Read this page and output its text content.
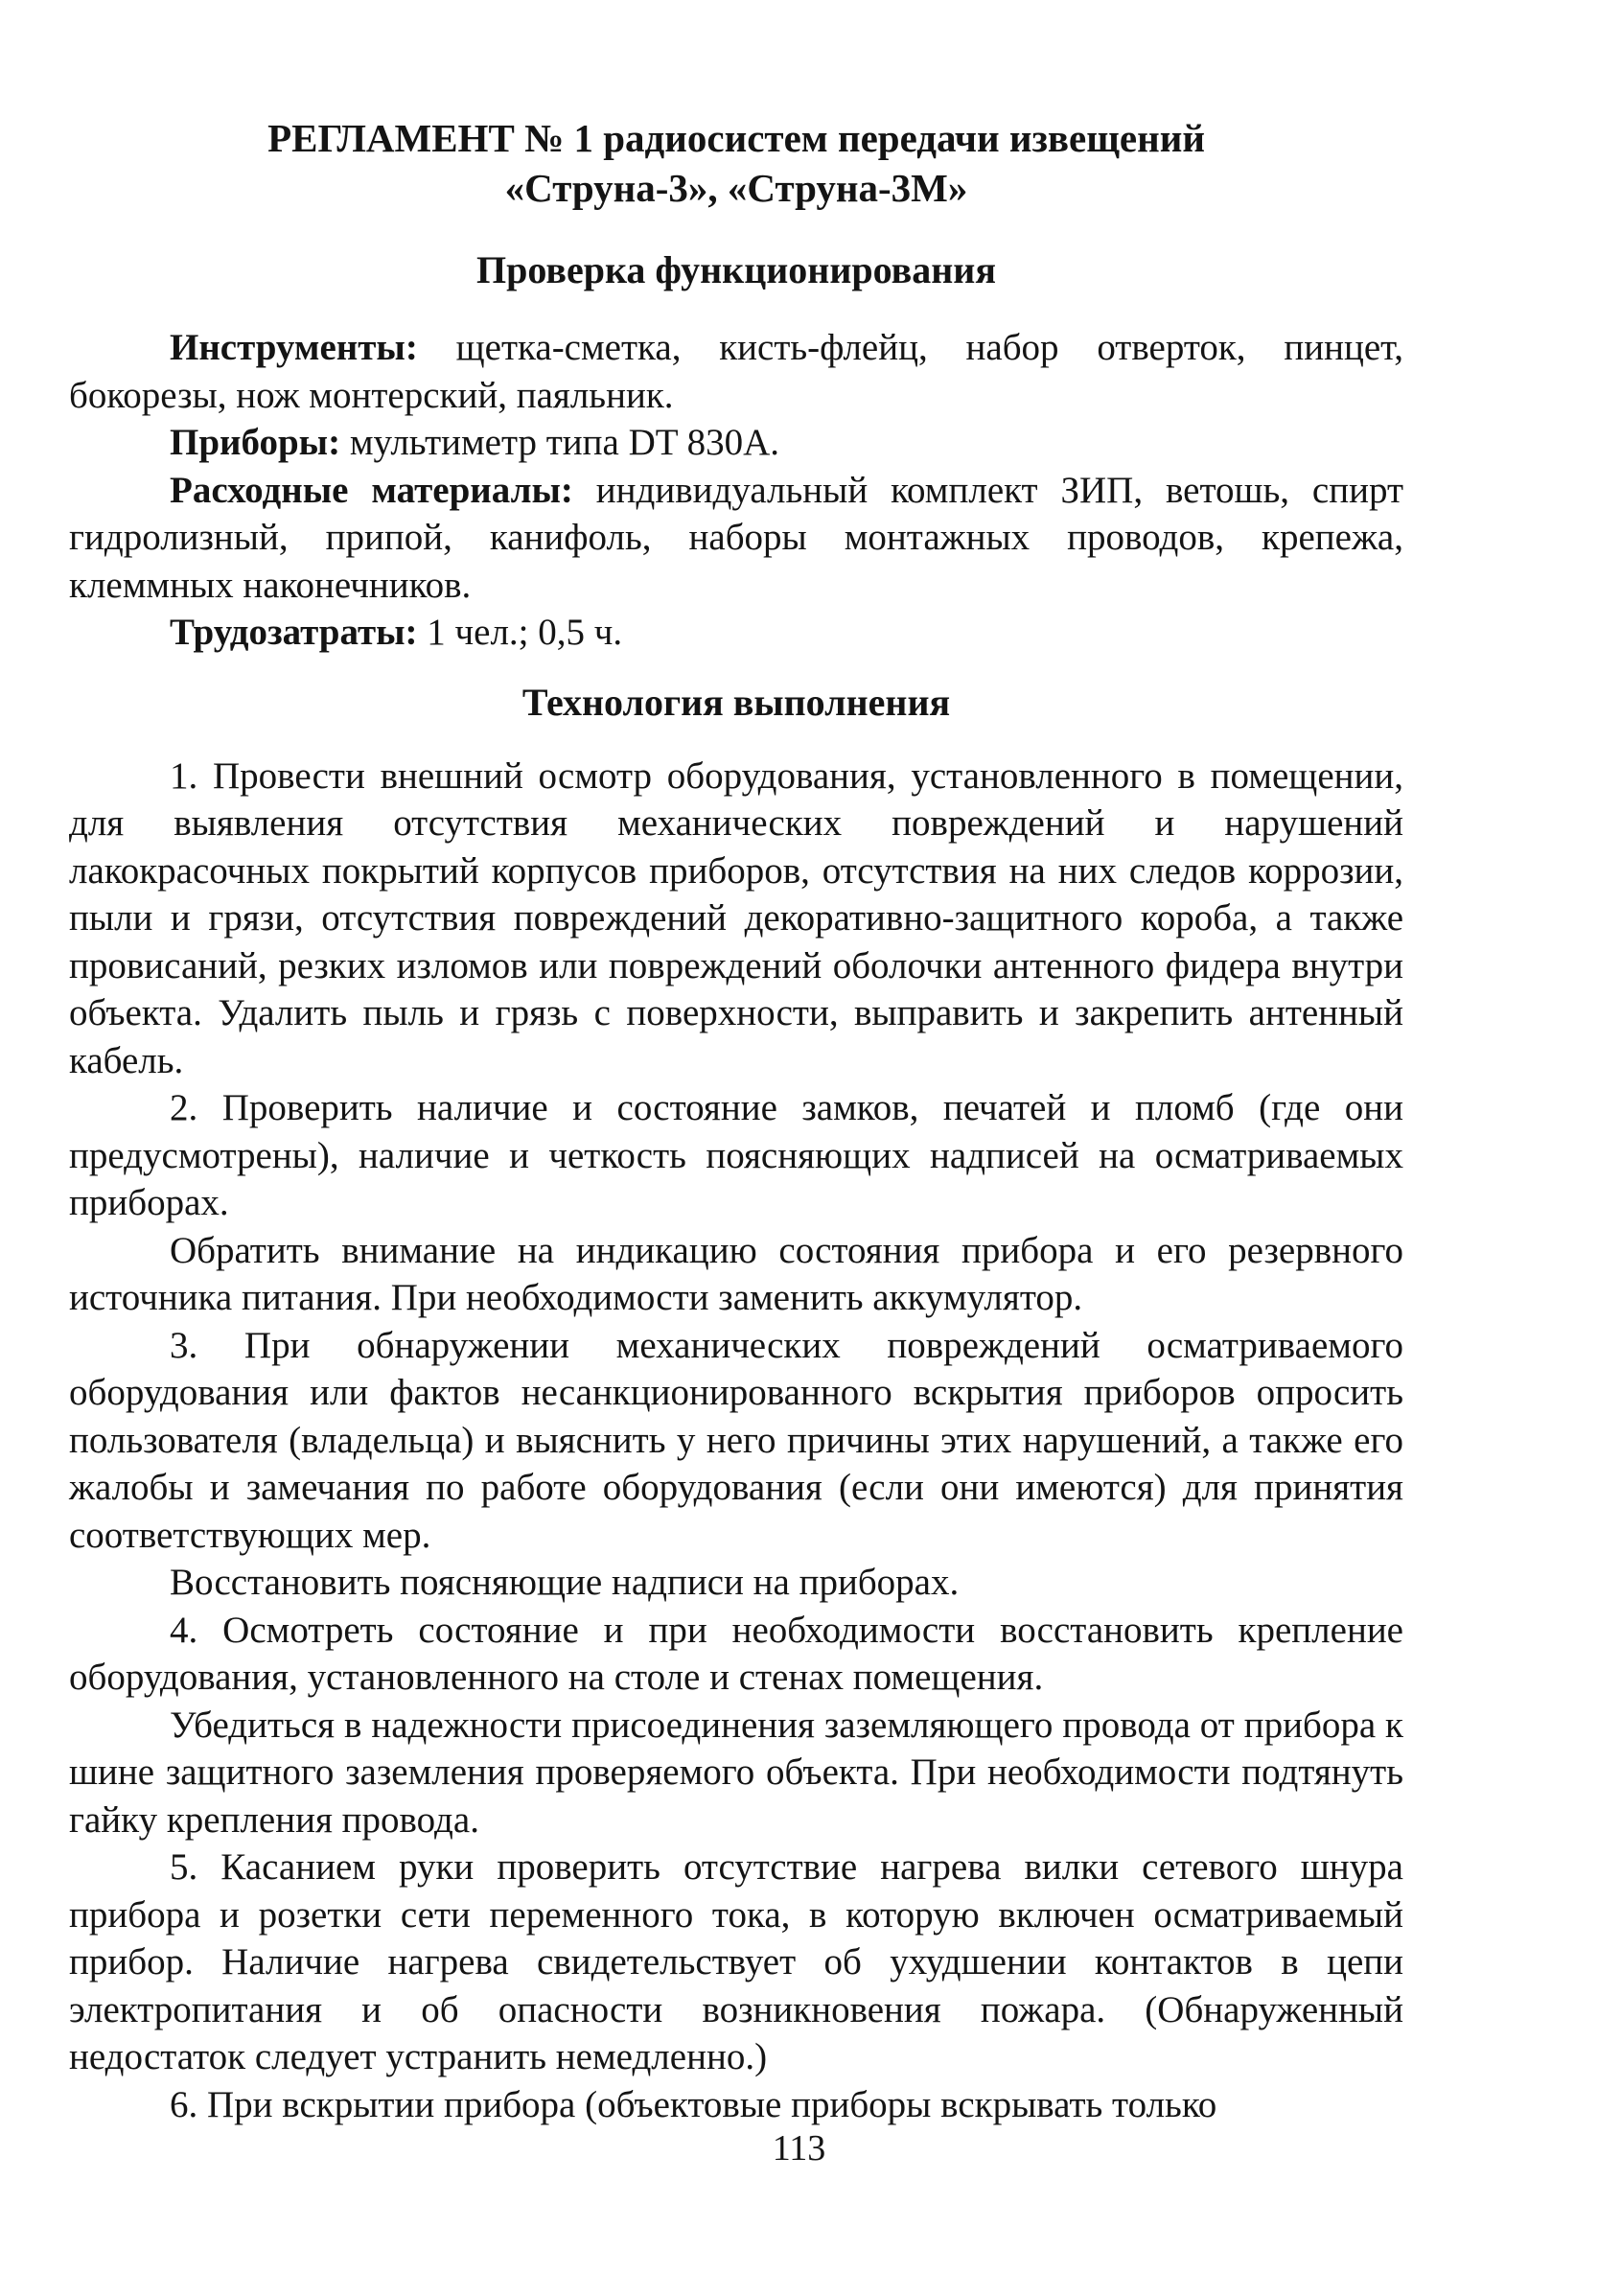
РЕГЛАМЕНТ № 1 радиосистем передачи извещений
«Струна-3», «Струна-3М»
Проверка функционирования

Инструменты: щетка-сметка, кисть-флейц, набор отверток, пинцет, бокорезы, нож монтерский, паяльник.

Приборы: мультиметр типа DT 830A.

Расходные материалы: индивидуальный комплект ЗИП, ветошь, спирт гидролизный, припой, канифоль, наборы монтажных проводов, крепежа, клеммных наконечников.

Трудозатраты: 1 чел.; 0,5 ч.

Технология выполнения

1. Провести внешний осмотр оборудования, установленного в помещении, для выявления отсутствия механических повреждений и нарушений лакокрасочных покрытий корпусов приборов, отсутствия на них следов коррозии, пыли и грязи, отсутствия повреждений декоративно-защитного короба, а также провисаний, резких изломов или повреждений оболочки антенного фидера внутри объекта. Удалить пыль и грязь с поверхности, выправить и закрепить антенный кабель.

2. Проверить наличие и состояние замков, печатей и пломб (где они предусмотрены), наличие и четкость поясняющих надписей на осматриваемых приборах.

Обратить внимание на индикацию состояния прибора и его резервного источника питания. При необходимости заменить аккумулятор.

3. При обнаружении механических повреждений осматриваемого оборудования или фактов несанкционированного вскрытия приборов опросить пользователя (владельца) и выяснить у него причины этих нарушений, а также его жалобы и замечания по работе оборудования (если они имеются) для принятия соответствующих мер.

Восстановить поясняющие надписи на приборах.

4. Осмотреть состояние и при необходимости восстановить крепление оборудования, установленного на столе и стенах помещения.

Убедиться в надежности присоединения заземляющего провода от прибора к шине защитного заземления проверяемого объекта. При необходимости подтянуть гайку крепления провода.

5. Касанием руки проверить отсутствие нагрева вилки сетевого шнура прибора и розетки сети переменного тока, в которую включен осматриваемый прибор. Наличие нагрева свидетельствует об ухудшении контактов в цепи электропитания и об опасности возникновения пожара. (Обнаруженный недостаток следует устранить немедленно.)

6. При вскрытии прибора (объектовые приборы вскрывать только

113
